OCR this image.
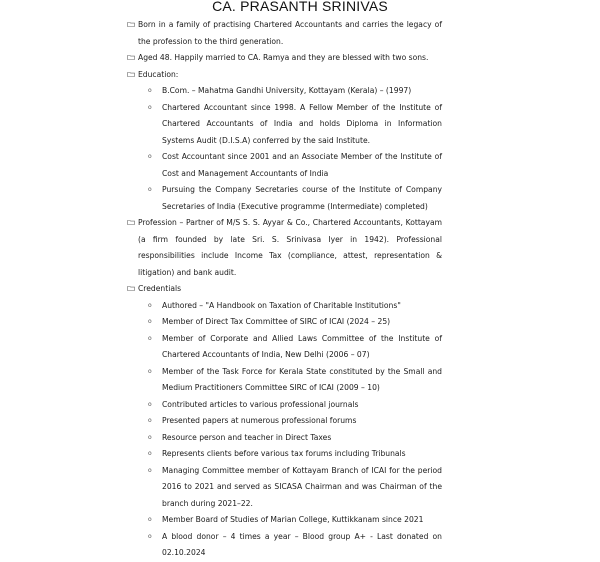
CA. PRASANTH SRINIVAS
Born in a family of practising Chartered Accountants and carries the legacy of the profession to the third generation.
Aged 48. Happily married to CA. Ramya and they are blessed with two sons.
Education:
o B.Com. – Mahatma Gandhi University, Kottayam (Kerala) – (1997)
o Chartered Accountant since 1998. A Fellow Member of the Institute of Chartered Accountants of India and holds Diploma in Information Systems Audit (D.I.S.A) conferred by the said Institute.
o Cost Accountant since 2001 and an Associate Member of the Institute of Cost and Management Accountants of India
o Pursuing the Company Secretaries course of the Institute of Company Secretaries of India (Executive programme (Intermediate) completed)
Profession – Partner of M/S S. S. Ayyar & Co., Chartered Accountants, Kottayam (a firm founded by late Sri. S. Srinivasa Iyer in 1942). Professional responsibilities include Income Tax (compliance, attest, representation & litigation) and bank audit.
Credentials
o Authored – "A Handbook on Taxation of Charitable Institutions"
o Member of Direct Tax Committee of SIRC of ICAI (2024 – 25)
o Member of Corporate and Allied Laws Committee of the Institute of Chartered Accountants of India, New Delhi (2006 – 07)
o Member of the Task Force for Kerala State constituted by the Small and Medium Practitioners Committee SIRC of ICAI (2009 – 10)
o Contributed articles to various professional journals
o Presented papers at numerous professional forums
o Resource person and teacher in Direct Taxes
o Represents clients before various tax forums including Tribunals
o Managing Committee member of Kottayam Branch of ICAI for the period 2016 to 2021 and served as SICASA Chairman and was Chairman of the branch during 2021–22.
o Member Board of Studies of Marian College, Kuttikkanam since 2021
o A blood donor – 4 times a year – Blood group A+ - Last donated on 02.10.2024
